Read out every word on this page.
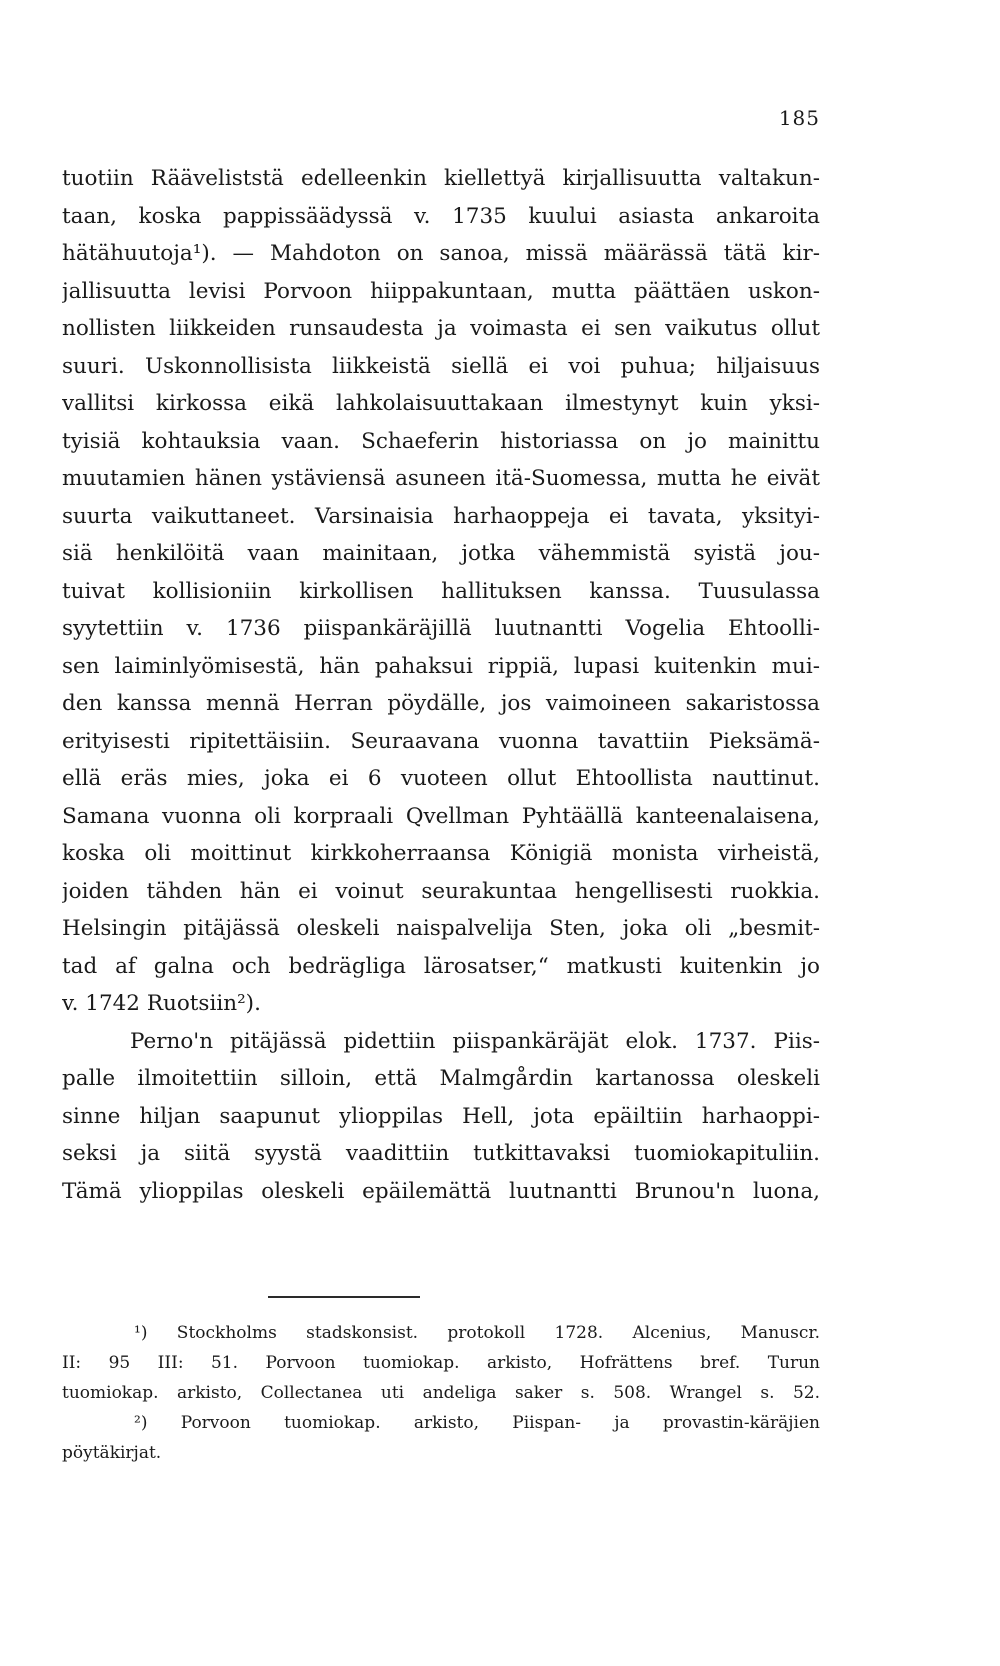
185
tuotiin Rääveliststä edelleenkin kiellettyä kirjallisuutta valtakun-
taan, koska pappissäädyssä v. 1735 kuului asiasta ankaroita
hätähuutoja¹). — Mahdoton on sanoa, missä määrässä tätä kir-
jallisuutta levisi Porvoon hiippakuntaan, mutta päättäen uskon-
nollisten liikkeiden runsaudesta ja voimasta ei sen vaikutus ollut
suuri. Uskonnollisista liikkeistä siellä ei voi puhua; hiljaisuus
vallitsi kirkossa eikä lahkolaisuuttakaan ilmestynyt kuin yksi-
tyisiä kohtauksia vaan. Schaeferin historiassa on jo mainittu
muutamien hänen ystäviensä asuneen itä-Suomessa, mutta he eivät
suurta vaikuttaneet. Varsinaisia harhaoppeja ei tavata, yksityi-
siä henkilöitä vaan mainitaan, jotka vähemmistä syistä jou-
tuivat kollisioniin kirkollisen hallituksen kanssa. Tuusulassa
syytettiin v. 1736 piispankäräjillä luutnantti Vogelia Ehtoolli-
sen laiminlyömisestä, hän pahaksui rippiä, lupasi kuitenkin mui-
den kanssa mennä Herran pöydälle, jos vaimoineen sakaristossa
erityisesti ripitettäisiin. Seuraavana vuonna tavattiin Pieksämä-
ellä eräs mies, joka ei 6 vuoteen ollut Ehtoollista nauttinut.
Samana vuonna oli korpraali Qvellman Pyhtäällä kanteenalaisena,
koska oli moittinut kirkkoherraansa Königiä monista virheistä,
joiden tähden hän ei voinut seurakuntaa hengellisesti ruokkia.
Helsingin pitäjässä oleskeli naispalvelija Sten, joka oli „besmit-
tad af galna och bedrägliga lärosatser,“ matkusti kuitenkin jo
v. 1742 Ruotsiin²).
Perno'n pitäjässä pidettiin piispankäräjät elok. 1737. Piis-
palle ilmoitettiin silloin, että Malmgårdin kartanossa oleskeli
sinne hiljan saapunut ylioppilas Hell, jota epäiltiin harhaoppi-
seksi ja siitä syystä vaadittiin tutkittavaksi tuomiokapituliin.
Tämä ylioppilas oleskeli epäilemättä luutnantti Brunou'n luona,
¹) Stockholms stadskonsist. protokoll 1728. Alcenius, Manuscr.
II: 95 III: 51. Porvoon tuomiokap. arkisto, Hofrättens bref. Turun
tuomiokap. arkisto, Collectanea uti andeliga saker s. 508. Wrangel s. 52.
²) Porvoon tuomiokap. arkisto, Piispan- ja provastin-käräjien
pöytäkirjat.
